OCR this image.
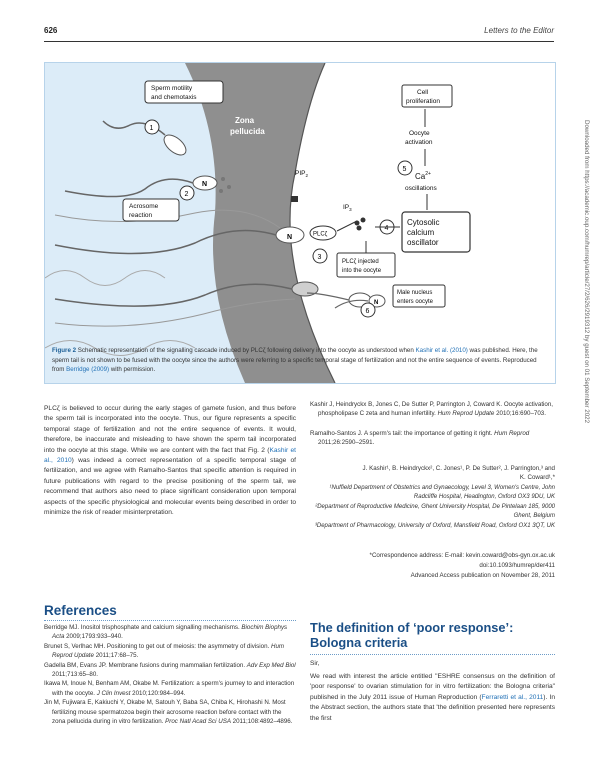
626	Letters to the Editor
Sperm motility
and chemotaxis
Zona
pellucida
Acrosome
reaction
1
2
3
4
5
6
N
N
N
$PIP_2$
PLCζ
$IP_3$
PLCζ injected
into the oocyte
Cytosolic
calcium
oscillator
$Ca^{2+}$
oscillations
Oocyte
activation
Cell
proliferation
Male nucleus
enters oocyte
Figure 2 Schematic representation of the signalling cascade induced by PLCζ following delivery into the oocyte as understood when Kashir et al. (2010) was published. Here, the sperm tail is not shown to be fused with the oocyte since the authors were referring to a specific temporal stage of fertilization and not the entire sequence of events. Reproduced from Berridge (2009) with permission.
PLCζ is believed to occur during the early stages of gamete fusion, and thus before the sperm tail is incorporated into the oocyte. Thus, our figure represents a specific temporal stage of fertilization and not the entire sequence of events. It would, therefore, be inaccurate and misleading to have shown the sperm tail incorporated into the oocyte at this stage. While we are content with the fact that Fig. 2 (Kashir et al., 2010) was indeed a correct representation of a specific temporal stage of fertilization, and we agree with Ramalho-Santos that specific attention is required in future publications with regard to the precise positioning of the sperm tail, we recommend that authors also need to place significant consideration upon temporal aspects of the specific physiological and molecular events being described in order to minimize the risk of reader misinterpretation.
References

Berridge MJ. Inositol trisphosphate and calcium signalling mechanisms. Biochim Biophys Acta 2009;1793:933–940.

Brunet S, Verlhac MH. Positioning to get out of meiosis: the asymmetry of division. Hum Reprod Update 2011;17:68–75.

Gadella BM, Evans JP. Membrane fusions during mammalian fertilization. Adv Exp Med Biol 2011;713:65–80.

Ikawa M, Inoue N, Benham AM, Okabe M. Fertilization: a sperm's journey to and interaction with the oocyte. J Clin Invest 2010;120:984–994.

Jin M, Fujiwara E, Kakiuchi Y, Okabe M, Satouh Y, Baba SA, Chiba K, Hirohashi N. Most fertilizing mouse spermatozoa begin their acrosome reaction before contact with the zona pellucida during in vitro fertilization. Proc Natl Acad Sci USA 2011;108:4892–4896.

Kashir J, Heindryckx B, Jones C, De Sutter P, Parrington J, Coward K. Oocyte activation, phospholipase C zeta and human infertility. Hum Reprod Update 2010;16:690–703.
Ramalho-Santos J. A sperm's tail: the importance of getting it right. Hum Reprod 2011;26:2590–2591.
J. Kashir¹, B. Heindryckx², C. Jones¹, P. De Sutter², J. Parrington,³ and
K. Coward¹,*
¹Nuffield Department of Obstetrics and Gynaecology, Level 3, Women's Centre, John Radcliffe Hospital, Headington, Oxford OX3 9DU, UK
²Department of Reproductive Medicine, Ghent University Hospital, De Pintelaan 185, 9000 Ghent, Belgium
³Department of Pharmacology, University of Oxford, Mansfield Road, Oxford OX1 3QT, UK
*Correspondence address: E-mail: kevin.coward@obs-gyn.ox.ac.uk
doi:10.1093/humrep/der411
Advanced Access publication on November 28, 2011
The definition of ‘poor response’: Bologna criteria
Sir,
We read with interest the article entitled "ESHRE consensus on the definition of 'poor response' to ovarian stimulation for in vitro fertilization: the Bologna criteria" published in the July 2011 issue of Human Reproduction (Ferraretti et al., 2011). In the Abstract section, the authors state that 'the definition presented here represents the first
Downloaded from https://academic.oup.com/humrep/article/27/2/626/2919312 by guest on 01 September 2022
